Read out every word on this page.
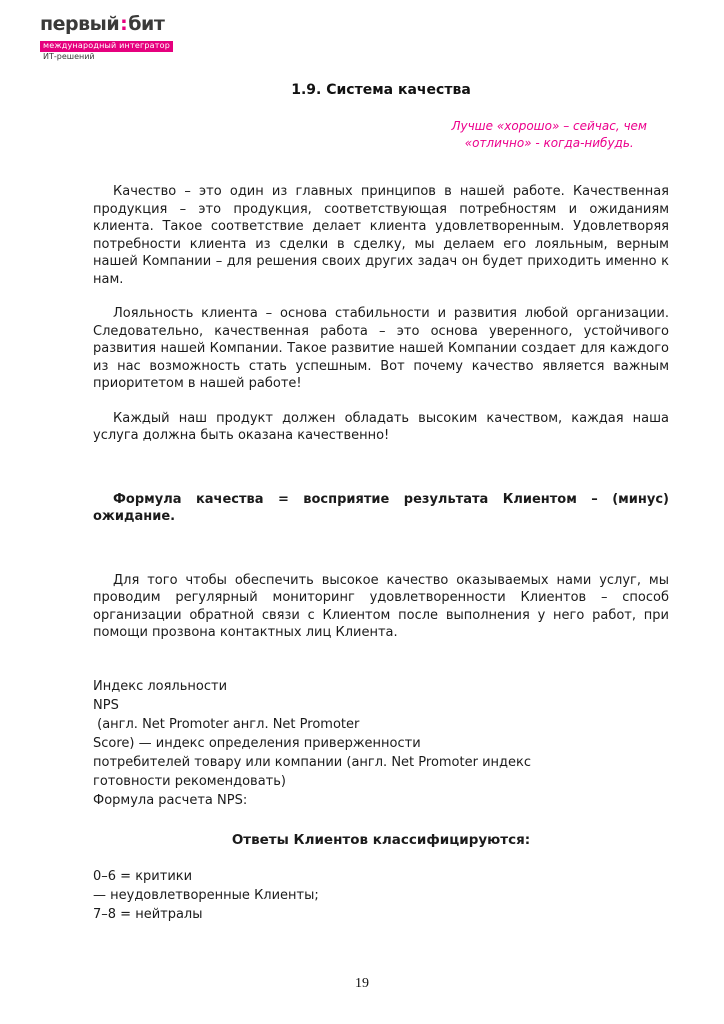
первый:бит
международный интегратор
ИТ-решений
1.9. Система качества
Лучше «хорошо» – сейчас, чем
«отлично» - когда-нибудь.

Качество – это один из главных принципов в нашей работе. Качественная продукция – это продукция, соответствующая потребностям и ожиданиям клиента. Такое соответствие делает клиента удовлетворенным. Удовлетворяя потребности клиента из сделки в сделку, мы делаем его лояльным, верным нашей Компании – для решения своих других задач он будет приходить именно к нам.

Лояльность клиента – основа стабильности и развития любой организации. Следовательно, качественная работа – это основа уверенного, устойчивого развития нашей Компании. Такое развитие нашей Компании создает для каждого из нас возможность стать успешным. Вот почему качество является важным приоритетом в нашей работе!

Каждый наш продукт должен обладать высоким качеством, каждая наша услуга должна быть оказана качественно!

Формула качества = восприятие результата Клиентом – (минус) ожидание.

Для того чтобы обеспечить высокое качество оказываемых нами услуг, мы проводим регулярный мониторинг удовлетворенности Клиентов – способ организации обратной связи с Клиентом после выполнения у него работ, при помощи прозвона контактных лиц Клиента.

Индекс лояльности
NPS
(англ. Net Promoter англ. Net Promoter
Score) — индекс определения приверженности
потребителей товару или компании (англ. Net Promoter индекс
готовности рекомендовать)
Формула расчета NPS:
Ответы Клиентов классифицируются:
0–6 = критики
— неудовлетворенные Клиенты;
7–8 = нейтралы
19
